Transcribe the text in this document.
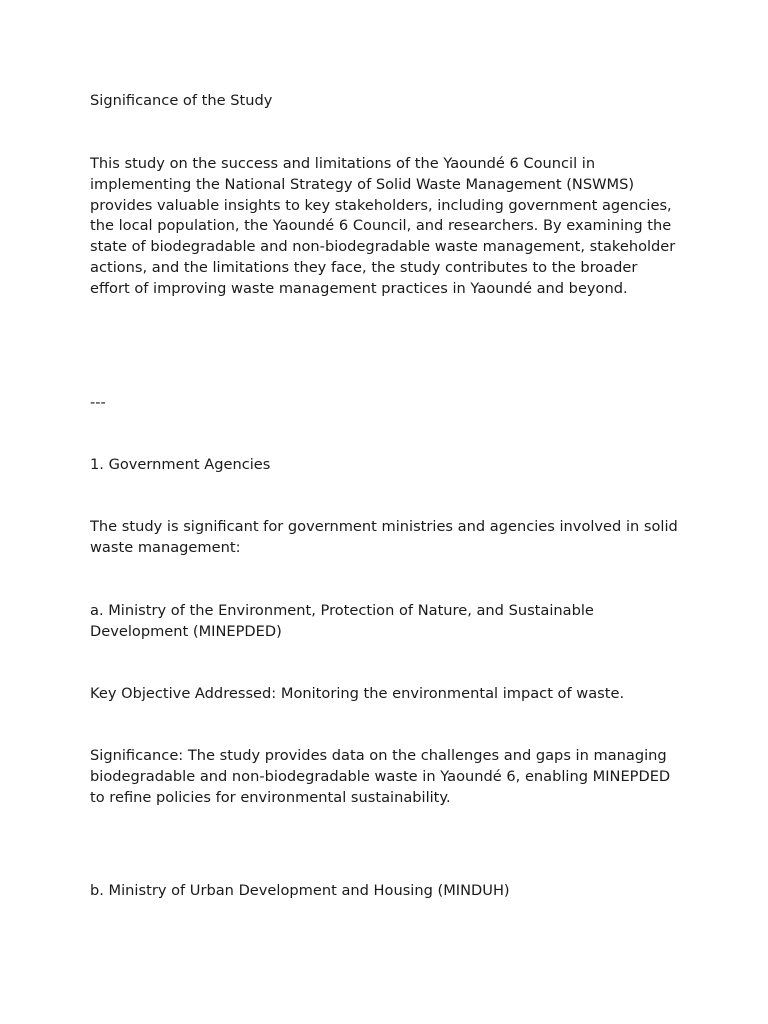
Significance of the Study

This study on the success and limitations of the Yaoundé 6 Council in implementing the National Strategy of Solid Waste Management (NSWMS) provides valuable insights to key stakeholders, including government agencies, the local population, the Yaoundé 6 Council, and researchers. By examining the state of biodegradable and non-biodegradable waste management, stakeholder actions, and the limitations they face, the study contributes to the broader effort of improving waste management practices in Yaoundé and beyond.

---

1. Government Agencies

The study is significant for government ministries and agencies involved in solid waste management:

a. Ministry of the Environment, Protection of Nature, and Sustainable Development (MINEPDED)

Key Objective Addressed: Monitoring the environmental impact of waste.

Significance: The study provides data on the challenges and gaps in managing biodegradable and non-biodegradable waste in Yaoundé 6, enabling MINEPDED to refine policies for environmental sustainability.

b. Ministry of Urban Development and Housing (MINDUH)
